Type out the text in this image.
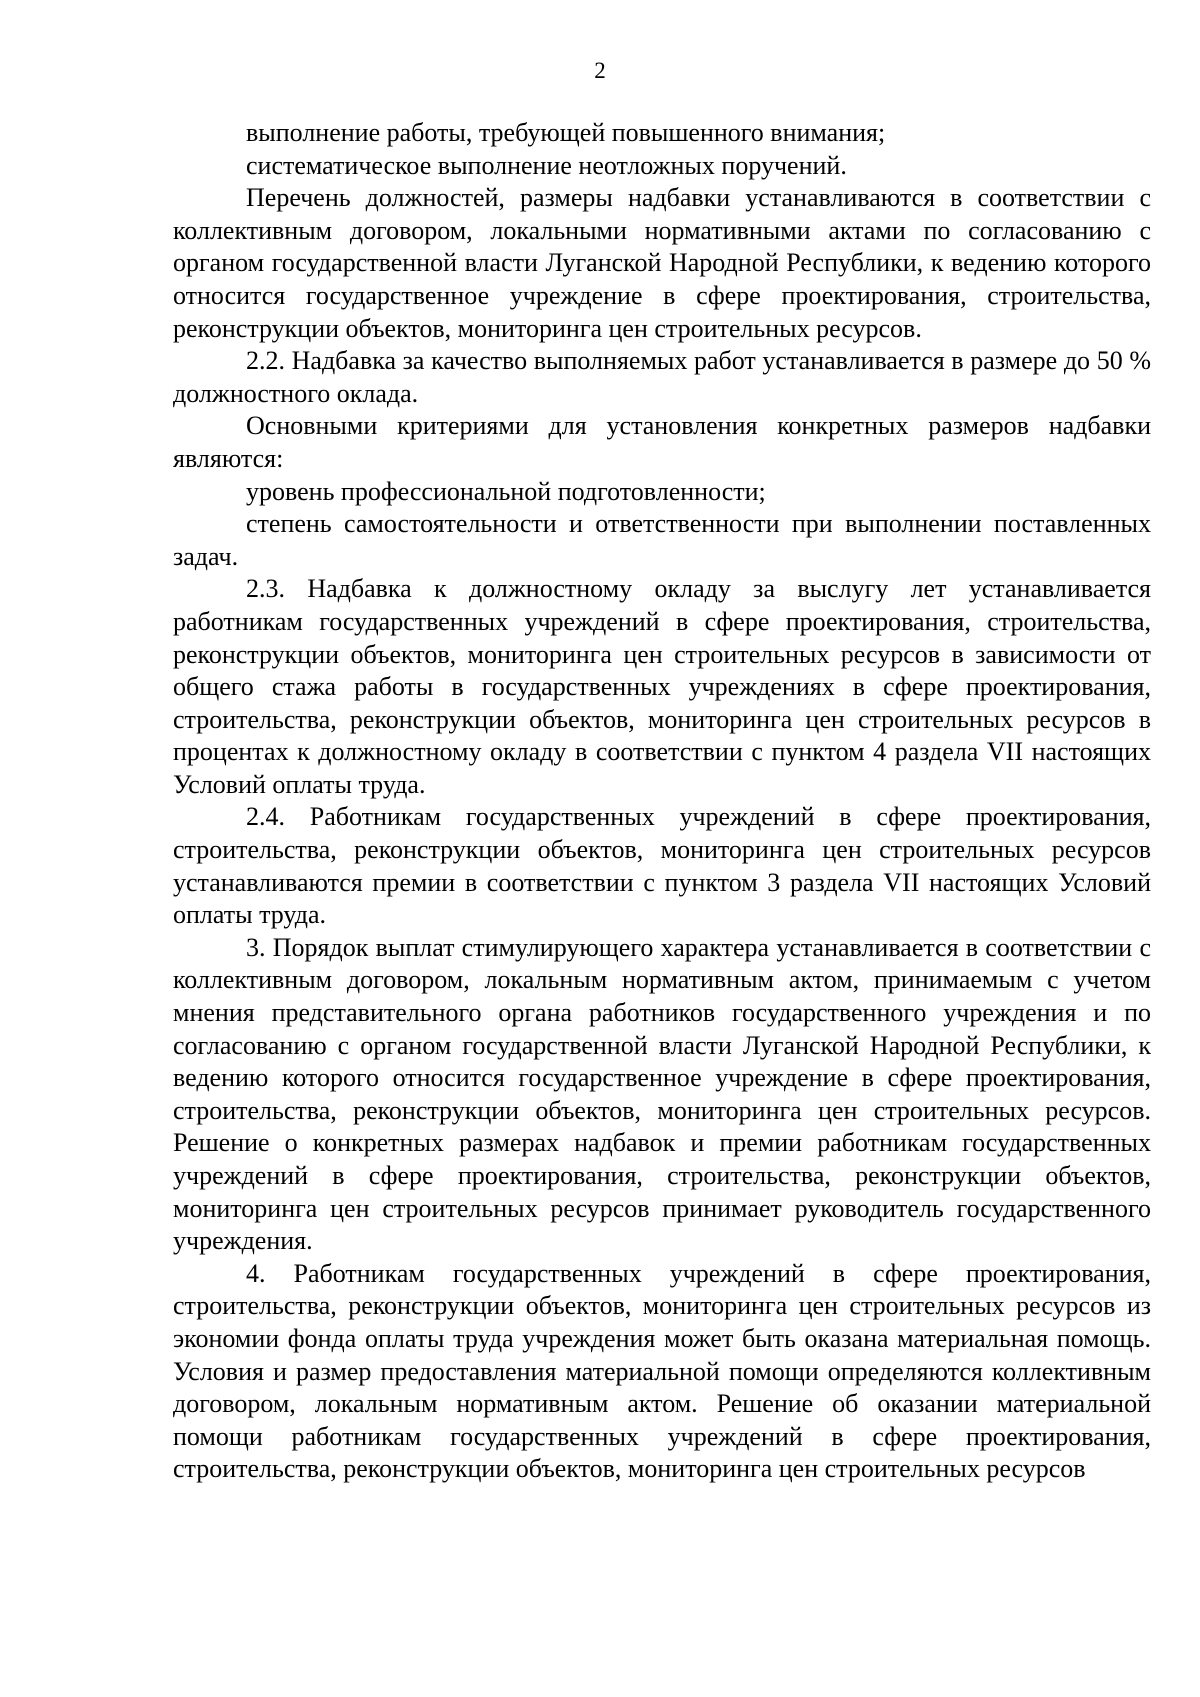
2

выполнение работы, требующей повышенного внимания;

систематическое выполнение неотложных поручений.

Перечень должностей, размеры надбавки устанавливаются в соответствии с коллективным договором, локальными нормативными актами по согласованию с органом государственной власти Луганской Народной Республики, к ведению которого относится государственное учреждение в сфере проектирования, строительства, реконструкции объектов, мониторинга цен строительных ресурсов.

2.2. Надбавка за качество выполняемых работ устанавливается в размере до 50 % должностного оклада.

Основными критериями для установления конкретных размеров надбавки являются:

уровень профессиональной подготовленности;

степень самостоятельности и ответственности при выполнении поставленных задач.

2.3. Надбавка к должностному окладу за выслугу лет устанавливается работникам государственных учреждений в сфере проектирования, строительства, реконструкции объектов, мониторинга цен строительных ресурсов в зависимости от общего стажа работы в государственных учреждениях в сфере проектирования, строительства, реконструкции объектов, мониторинга цен строительных ресурсов в процентах к должностному окладу в соответствии с пунктом 4 раздела VII настоящих Условий оплаты труда.

2.4. Работникам государственных учреждений в сфере проектирования, строительства, реконструкции объектов, мониторинга цен строительных ресурсов устанавливаются премии в соответствии с пунктом 3 раздела VII настоящих Условий оплаты труда.

3. Порядок выплат стимулирующего характера устанавливается в соответствии с коллективным договором, локальным нормативным актом, принимаемым с учетом мнения представительного органа работников государственного учреждения и по согласованию с органом государственной власти Луганской Народной Республики, к ведению которого относится государственное учреждение в сфере проектирования, строительства, реконструкции объектов, мониторинга цен строительных ресурсов. Решение о конкретных размерах надбавок и премии работникам государственных учреждений в сфере проектирования, строительства, реконструкции объектов, мониторинга цен строительных ресурсов принимает руководитель государственного учреждения.

4. Работникам государственных учреждений в сфере проектирования, строительства, реконструкции объектов, мониторинга цен строительных ресурсов из экономии фонда оплаты труда учреждения может быть оказана материальная помощь. Условия и размер предоставления материальной помощи определяются коллективным договором, локальным нормативным актом. Решение об оказании материальной помощи работникам государственных учреждений в сфере проектирования, строительства, реконструкции объектов, мониторинга цен строительных ресурсов
